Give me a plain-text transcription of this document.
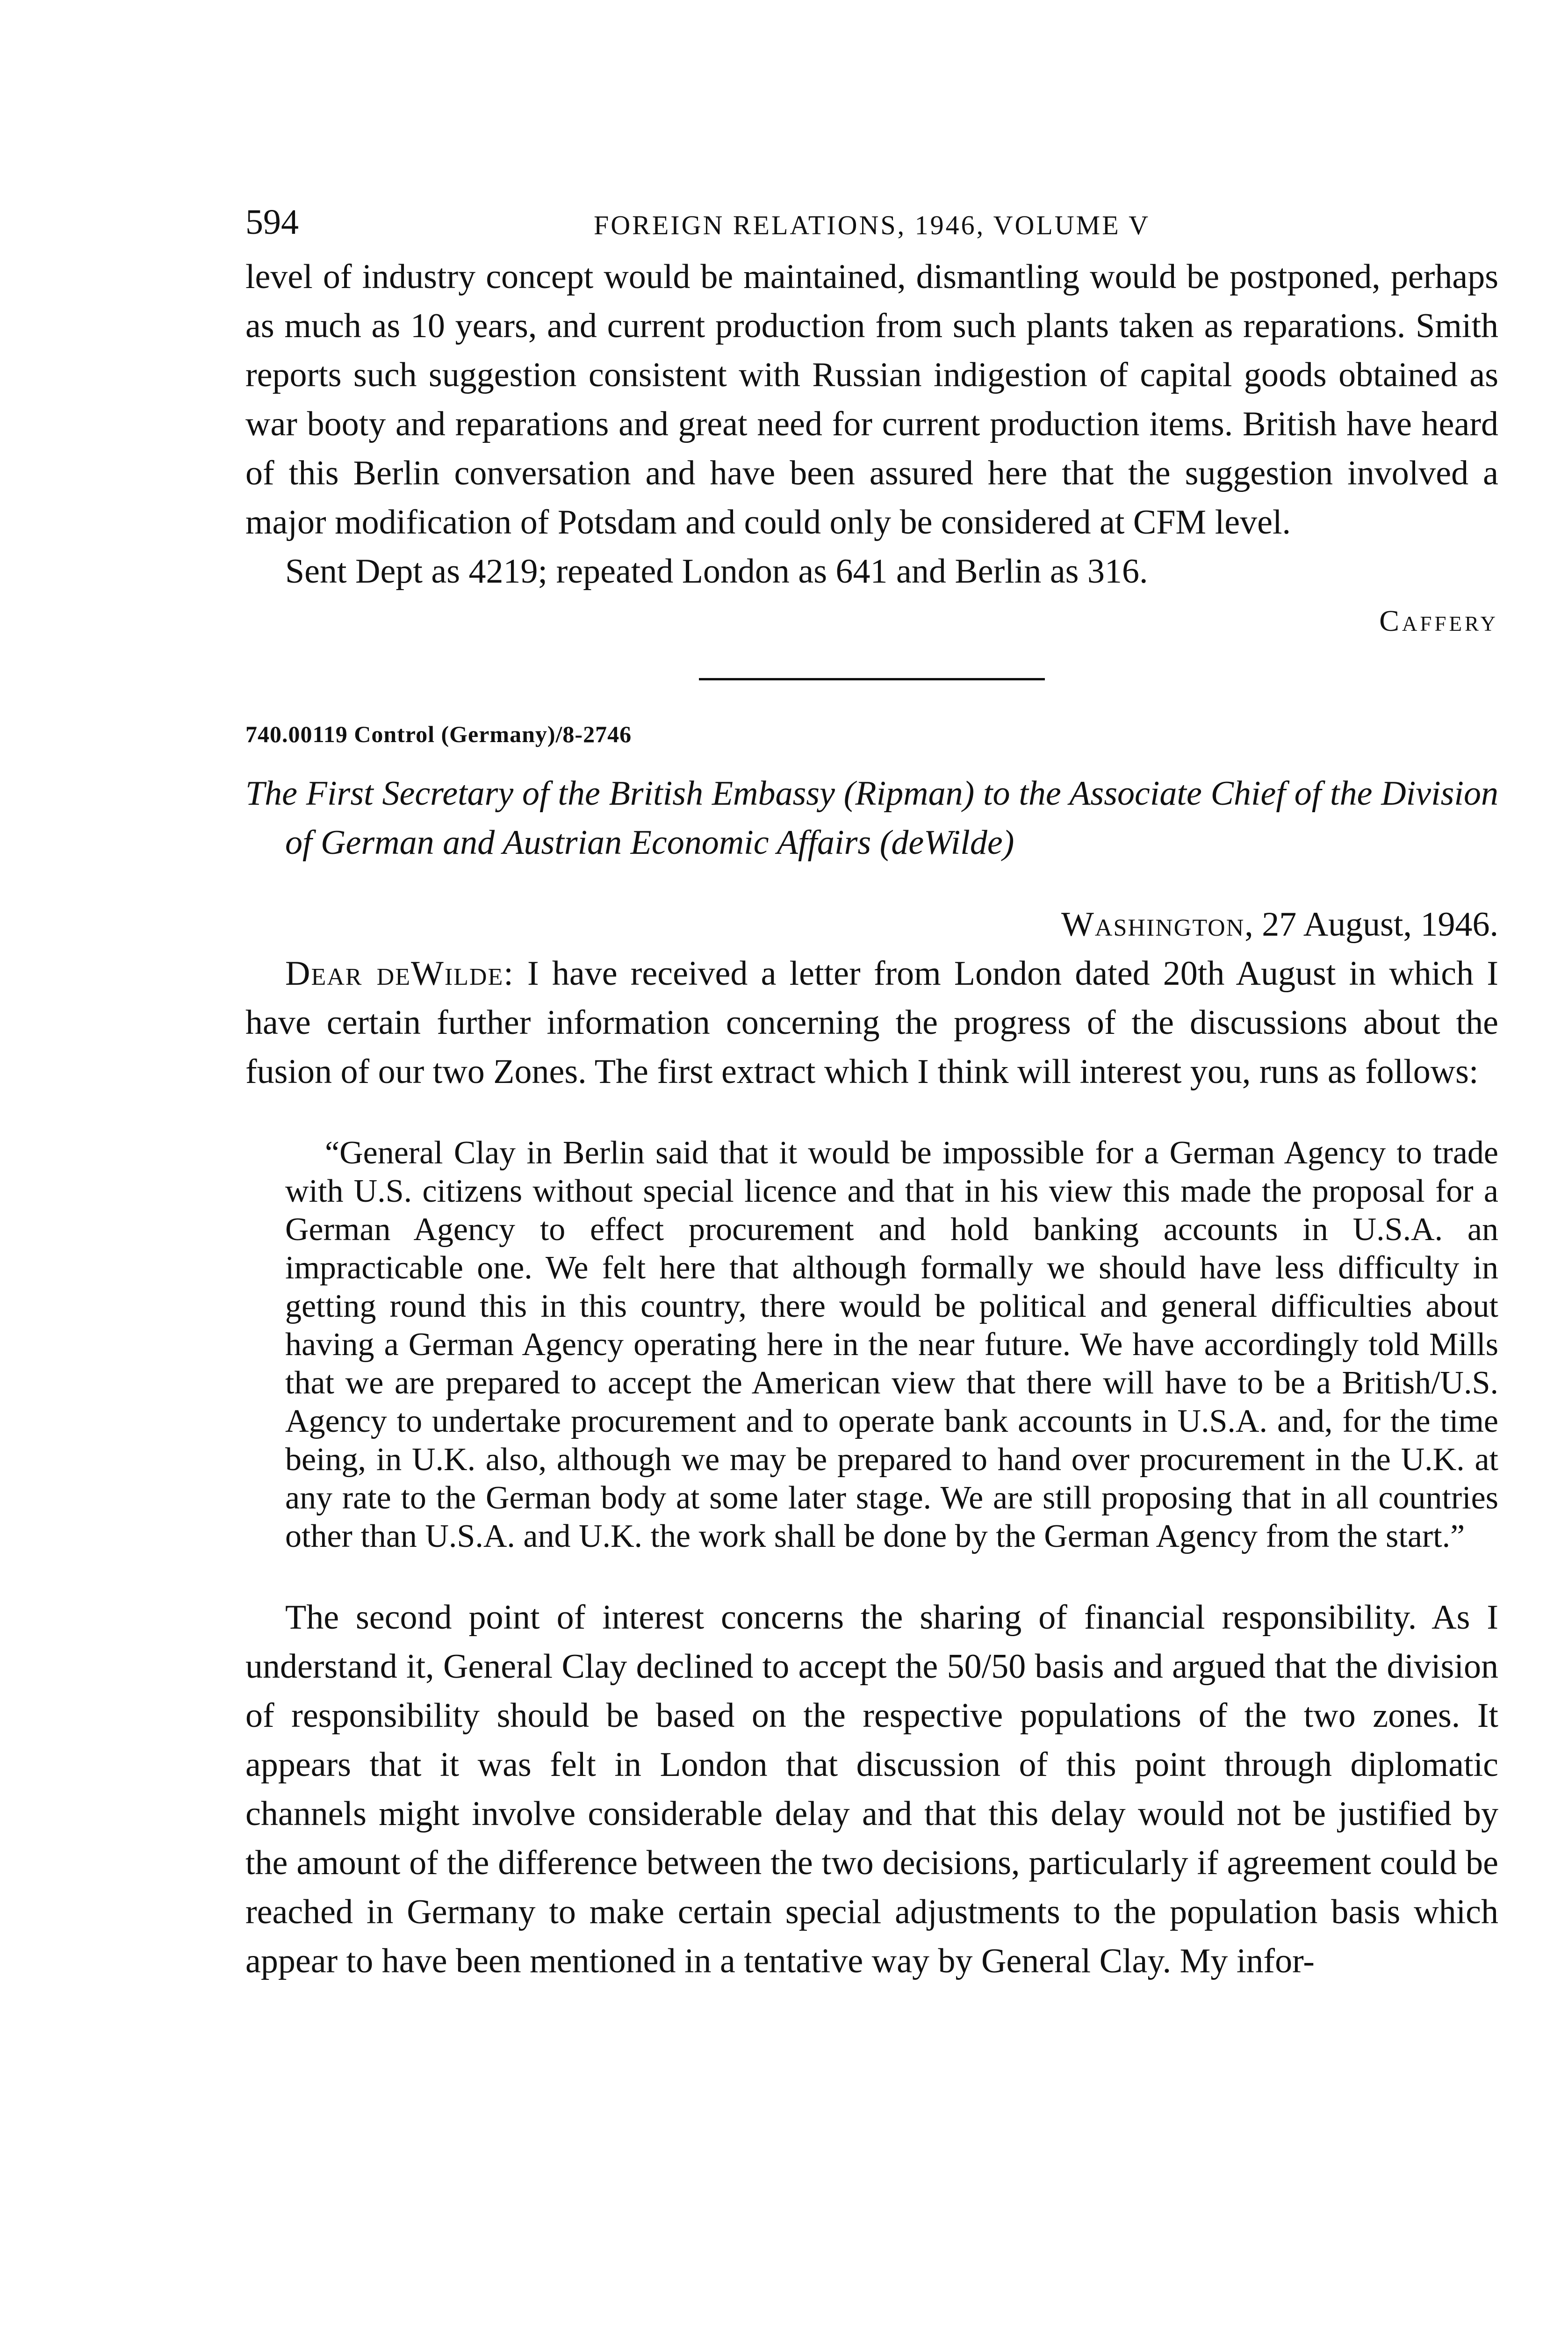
594	FOREIGN RELATIONS, 1946, VOLUME V

level of industry concept would be maintained, dismantling would be postponed, perhaps as much as 10 years, and current production from such plants taken as reparations. Smith reports such suggestion consistent with Russian indigestion of capital goods obtained as war booty and reparations and great need for current production items. British have heard of this Berlin conversation and have been assured here that the suggestion involved a major modification of Potsdam and could only be considered at CFM level.

Sent Dept as 4219; repeated London as 641 and Berlin as 316.

Caffery
740.00119 Control (Germany)/8-2746
The First Secretary of the British Embassy (Ripman) to the Associate Chief of the Division of German and Austrian Economic Affairs (deWilde)
Washington, 27 August, 1946.

Dear deWilde: I have received a letter from London dated 20th August in which I have certain further information concerning the progress of the discussions about the fusion of our two Zones. The first extract which I think will interest you, runs as follows:

“General Clay in Berlin said that it would be impossible for a German Agency to trade with U.S. citizens without special licence and that in his view this made the proposal for a German Agency to effect procurement and hold banking accounts in U.S.A. an impracticable one. We felt here that although formally we should have less difficulty in getting round this in this country, there would be political and general difficulties about having a German Agency operating here in the near future. We have accordingly told Mills that we are prepared to accept the American view that there will have to be a British/U.S. Agency to undertake procurement and to operate bank accounts in U.S.A. and, for the time being, in U.K. also, although we may be prepared to hand over procurement in the U.K. at any rate to the German body at some later stage. We are still proposing that in all countries other than U.S.A. and U.K. the work shall be done by the German Agency from the start.”

The second point of interest concerns the sharing of financial responsibility. As I understand it, General Clay declined to accept the 50/50 basis and argued that the division of responsibility should be based on the respective populations of the two zones. It appears that it was felt in London that discussion of this point through diplomatic channels might involve considerable delay and that this delay would not be justified by the amount of the difference between the two decisions, particularly if agreement could be reached in Germany to make certain special adjustments to the population basis which appear to have been mentioned in a tentative way by General Clay. My infor-
